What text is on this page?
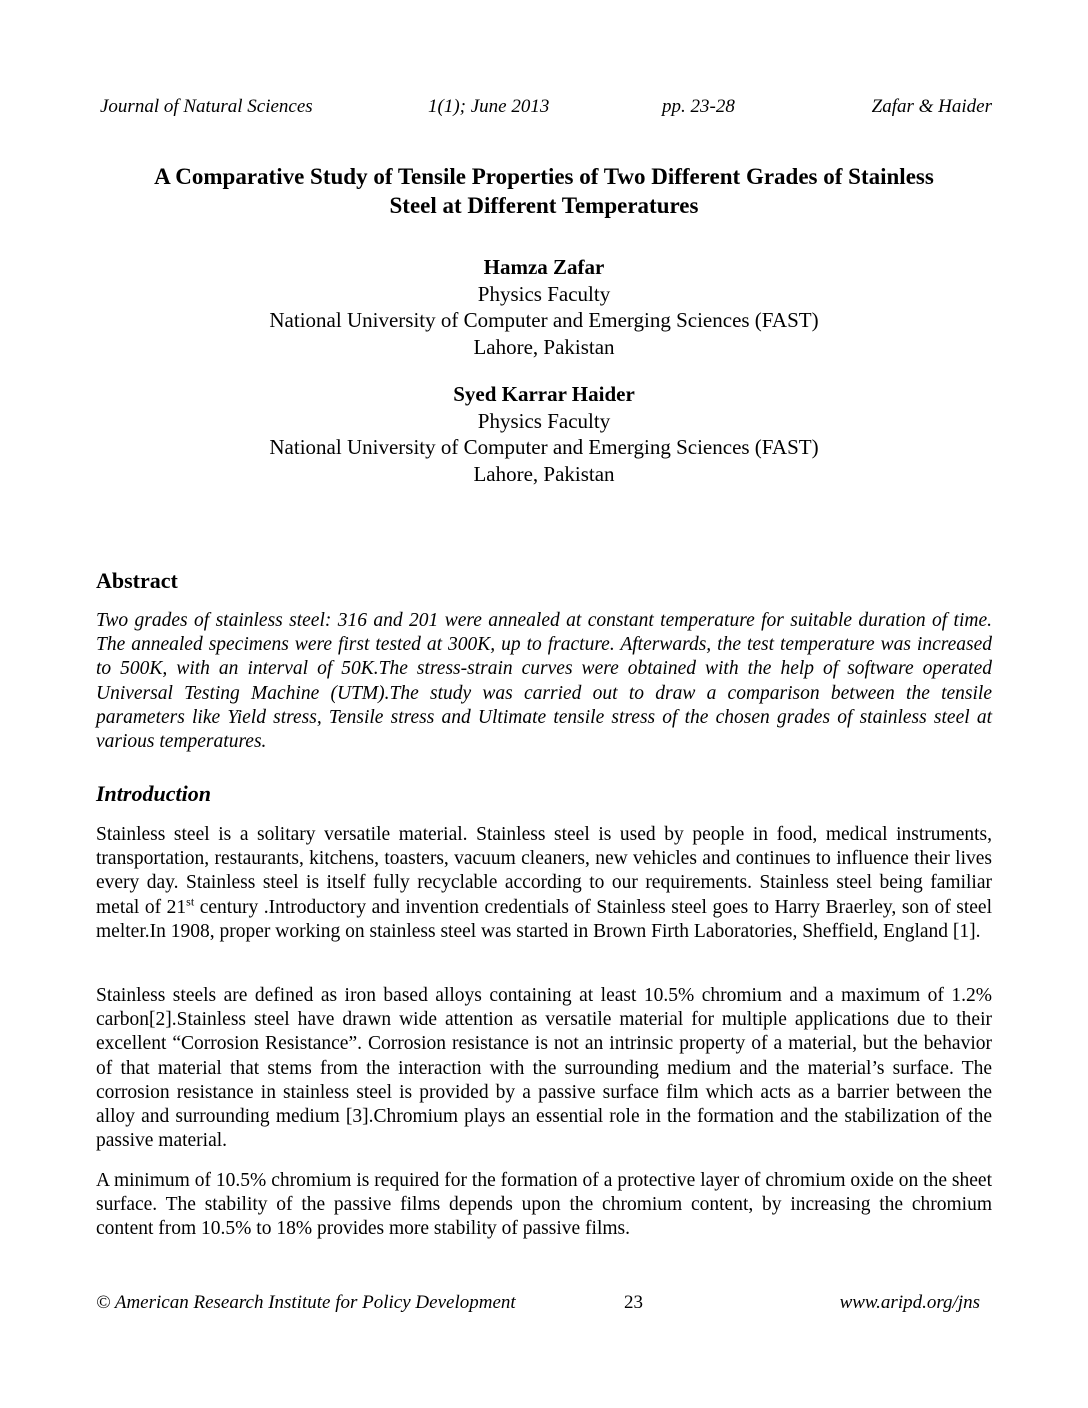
Journal of Natural Sciences	1(1); June 2013	pp. 23-28	Zafar & Haider
A Comparative Study of Tensile Properties of Two Different Grades of Stainless
Steel at Different Temperatures
Hamza Zafar
Physics Faculty
National University of Computer and Emerging Sciences (FAST)
Lahore, Pakistan
Syed Karrar Haider
Physics Faculty
National University of Computer and Emerging Sciences (FAST)
Lahore, Pakistan
Abstract

Two grades of stainless steel: 316 and 201 were annealed at constant temperature for suitable duration of time. The annealed specimens were first tested at 300K, up to fracture. Afterwards, the test temperature was increased to 500K, with an interval of 50K.The stress-strain curves were obtained with the help of software operated Universal Testing Machine (UTM).The study was carried out to draw a comparison between the tensile parameters like Yield stress, Tensile stress and Ultimate tensile stress of the chosen grades of stainless steel at various temperatures.

Introduction

Stainless steel is a solitary versatile material. Stainless steel is used by people in food, medical instruments, transportation, restaurants, kitchens, toasters, vacuum cleaners, new vehicles and continues to influence their lives every day. Stainless steel is itself fully recyclable according to our requirements. Stainless steel being familiar metal of 21st century .Introductory and invention credentials of Stainless steel goes to Harry Braerley, son of steel melter.In 1908, proper working on stainless steel was started in Brown Firth Laboratories, Sheffield, England [1].

Stainless steels are defined as iron based alloys containing at least 10.5% chromium and a maximum of 1.2% carbon[2].Stainless steel have drawn wide attention as versatile material for multiple applications due to their excellent “Corrosion Resistance”. Corrosion resistance is not an intrinsic property of a material, but the behavior of that material that stems from the interaction with the surrounding medium and the material’s surface. The corrosion resistance in stainless steel is provided by a passive surface film which acts as a barrier between the alloy and surrounding medium [3].Chromium plays an essential role in the formation and the stabilization of the passive material.

A minimum of 10.5% chromium is required for the formation of a protective layer of chromium oxide on the sheet surface. The stability of the passive films depends upon the chromium content, by increasing the chromium content from 10.5% to 18% provides more stability of passive films.

© American Research Institute for Policy Development	23	www.aripd.org/jns
